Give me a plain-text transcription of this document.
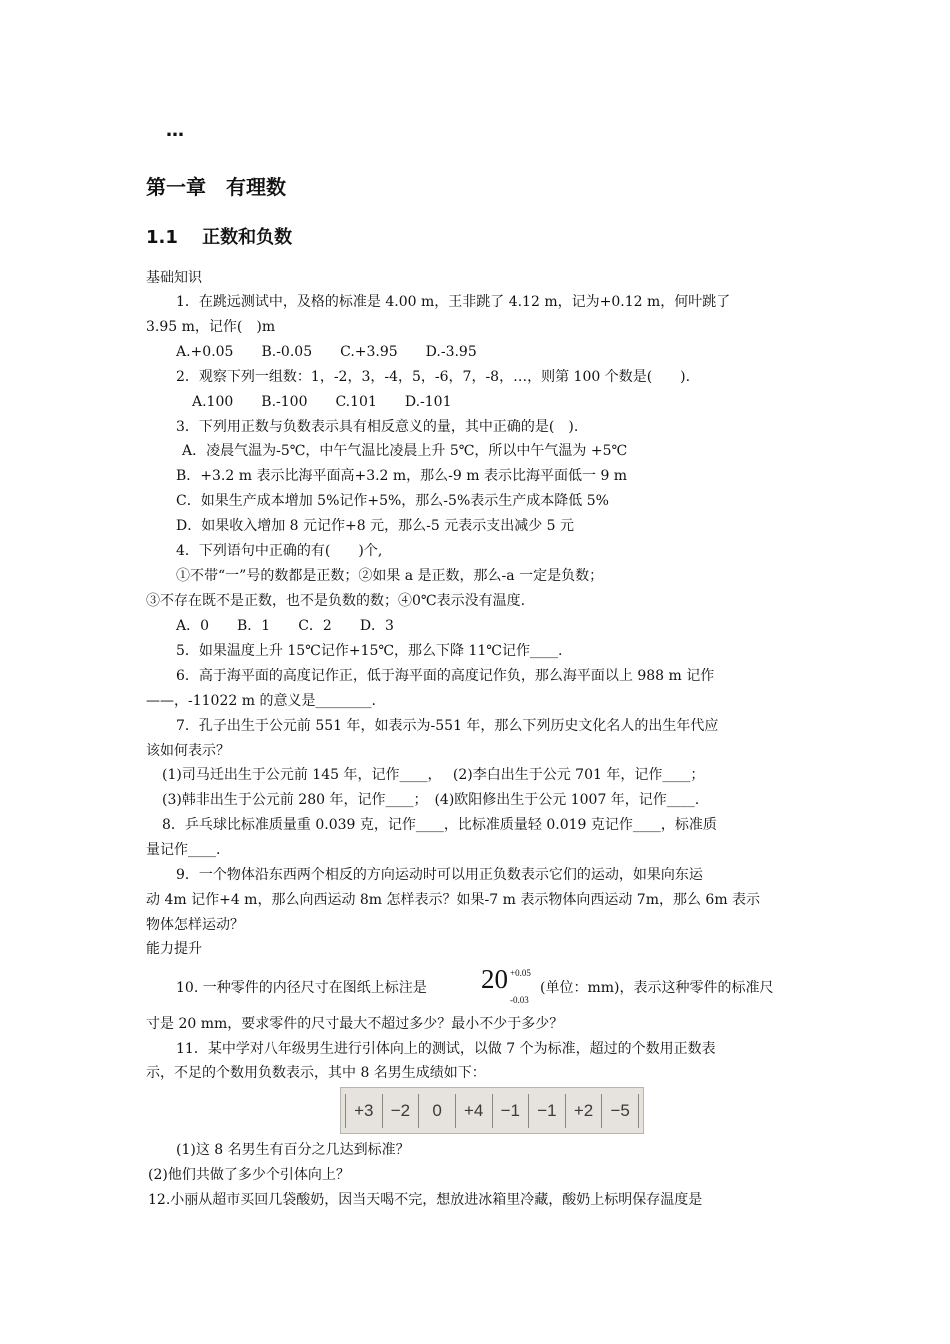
…
第一章　有理数
1.1　 正数和负数
基础知识
1．在跳远测试中，及格的标准是 4.00 m，王非跳了 4.12 m，记为+0.12 m，何叶跳了
3.95 m，记作(　)m
A.+0.05　　B.-0.05　　C.+3.95　　D.-3.95
2．观察下列一组数：1，-2，3，-4，5，-6，7，-8，…，则第 100 个数是(　　).
A.100　　B.-100　　C.101　　D.-101
3．下列用正数与负数表示具有相反意义的量，其中正确的是(　).
A．凌晨气温为-5℃，中午气温比凌晨上升 5℃，所以中午气温为 +5℃
B．+3.2 m 表示比海平面高+3.2 m，那么-9 m 表示比海平面低一 9 m
C．如果生产成本增加 5%记作+5%，那么-5%表示生产成本降低 5%
D．如果收入增加 8 元记作+8 元，那么-5 元表示支出减少 5 元
4．下列语句中正确的有(　　)个,
①不带“一”号的数都是正数；②如果 a 是正数，那么-a 一定是负数；
③不存在既不是正数，也不是负数的数；④0℃表示没有温度.
A．0　　B．1　　C．2　　D．3
5．如果温度上升 15℃记作+15℃，那么下降 11℃记作____.
6．高于海平面的高度记作正，低于海平面的高度记作负，那么海平面以上 988 m 记作
——，-11022 m 的意义是________.
7．孔子出生于公元前 551 年，如表示为-551 年，那么下列历史文化名人的出生年代应
该如何表示？
(1)司马迁出生于公元前 145 年，记作____，　 (2)李白出生于公元 701 年，记作____；
(3)韩非出生于公元前 280 年，记作____；　(4)欧阳修出生于公元 1007 年，记作____.
8．乒乓球比标准质量重 0.039 克，记作____，比标准质量轻 0.019 克记作____，标准质
量记作____.
9．一个物体沿东西两个相反的方向运动时可以用正负数表示它们的运动，如果向东运
动 4m 记作+4 m，那么向西运动 8m 怎样表示？如果-7 m 表示物体向西运动 7m，那么 6m 表示
物体怎样运动？
能力提升
10. 一种零件的内径尺寸在图纸上标注是 20 +0.05
-0.03
(单位：mm)，表示这种零件的标准尺
寸是 20 mm，要求零件的尺寸最大不超过多少？最小不少于多少？
11．某中学对八年级男生进行引体向上的测试，以做 7 个为标准，超过的个数用正数表
示，不足的个数用负数表示，其中 8 名男生成绩如下：
+3	−2	0	+4	−1	−1	+2	−5
(1)这 8 名男生有百分之几达到标准？
(2)他们共做了多少个引体向上？
12.小丽从超市买回几袋酸奶，因当天喝不完，想放进冰箱里冷藏，酸奶上标明保存温度是
